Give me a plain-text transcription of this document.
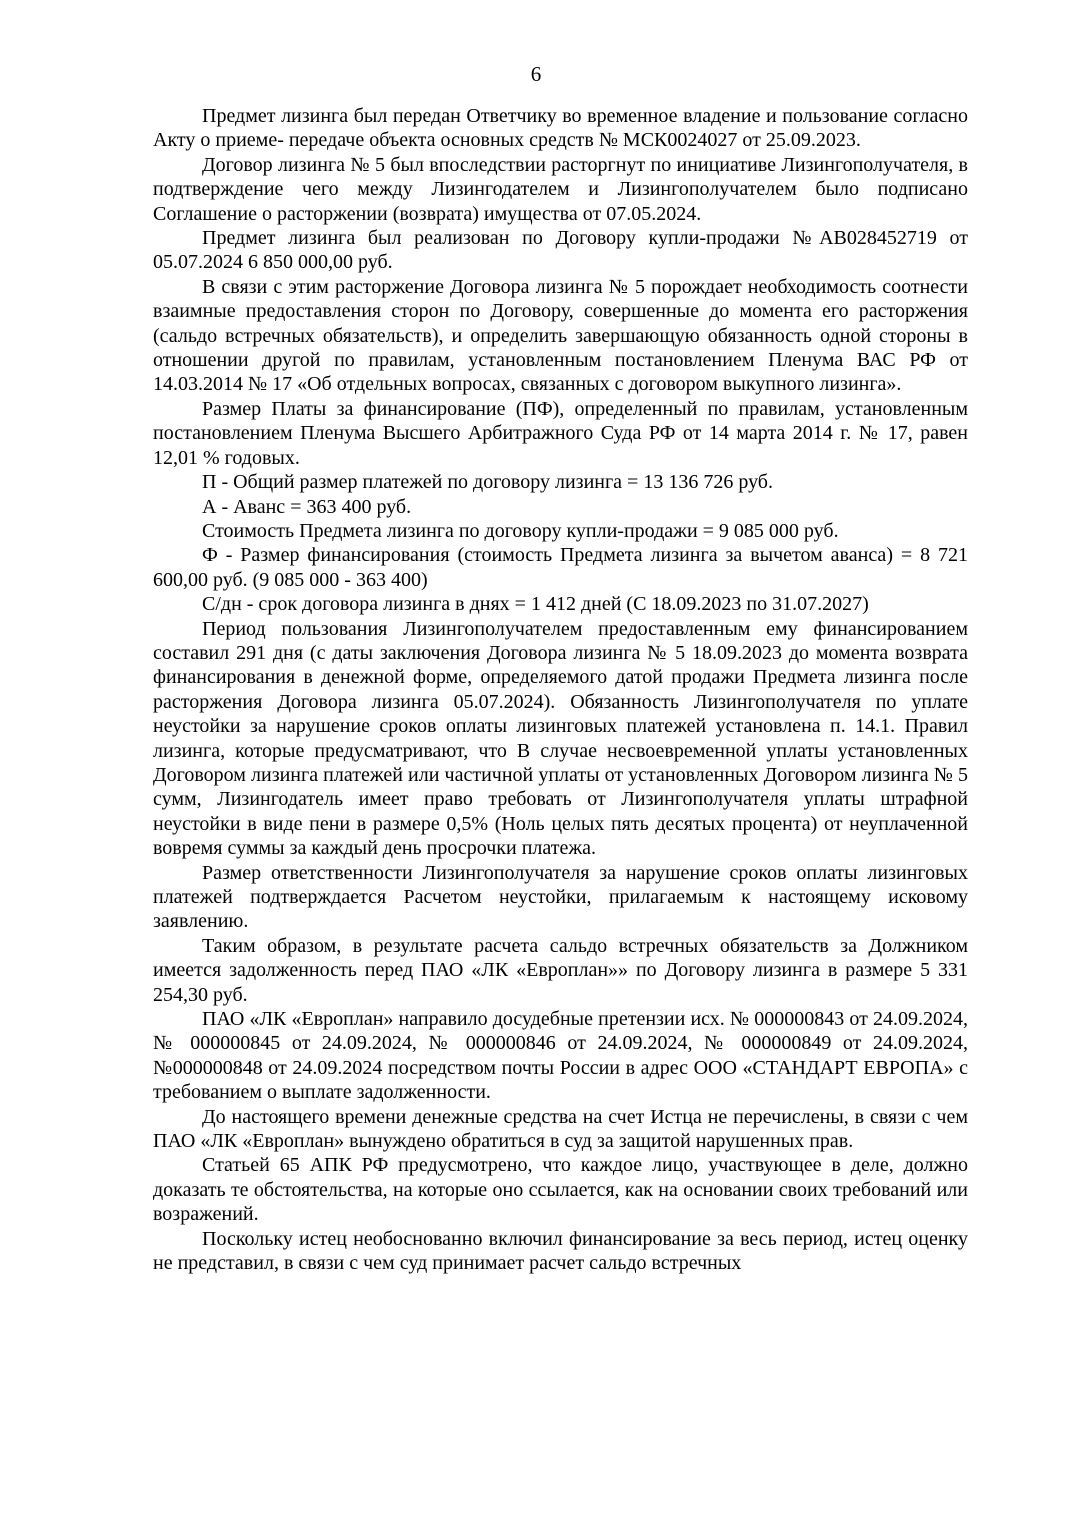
6

Предмет лизинга был передан Ответчику во временное владение и пользование согласно Акту о приеме- передаче объекта основных средств № МСК0024027 от 25.09.2023.

Договор лизинга № 5 был впоследствии расторгнут по инициативе Лизингополучателя, в подтверждение чего между Лизингодателем и Лизингополучателем было подписано Соглашение о расторжении (возврата) имущества от 07.05.2024.

Предмет лизинга был реализован по Договору купли-продажи №АВ028452719 от 05.07.2024 6 850 000,00 руб.

В связи с этим расторжение Договора лизинга № 5 порождает необходимость соотнести взаимные предоставления сторон по Договору, совершенные до момента его расторжения (сальдо встречных обязательств), и определить завершающую обязанность одной стороны в отношении другой по правилам, установленным постановлением Пленума ВАС РФ от 14.03.2014 № 17 «Об отдельных вопросах, связанных с договором выкупного лизинга».

Размер Платы за финансирование (ПФ), определенный по правилам, установленным постановлением Пленума Высшего Арбитражного Суда РФ от 14 марта 2014 г. № 17, равен 12,01 % годовых.

П - Общий размер платежей по договору лизинга = 13 136 726 руб.

А - Аванс = 363 400 руб.

Стоимость Предмета лизинга по договору купли-продажи = 9 085 000 руб.

Ф - Размер финансирования (стоимость Предмета лизинга за вычетом аванса) = 8 721 600,00 руб. (9 085 000 - 363 400)

С/дн - срок договора лизинга в днях = 1 412 дней (С 18.09.2023 по 31.07.2027)

Период пользования Лизингополучателем предоставленным ему финансированием составил 291 дня (с даты заключения Договора лизинга № 5 18.09.2023 до момента возврата финансирования в денежной форме, определяемого датой продажи Предмета лизинга после расторжения Договора лизинга 05.07.2024). Обязанность Лизингополучателя по уплате неустойки за нарушение сроков оплаты лизинговых платежей установлена п. 14.1. Правил лизинга, которые предусматривают, что В случае несвоевременной уплаты установленных Договором лизинга платежей или частичной уплаты от установленных Договором лизинга № 5 сумм, Лизингодатель имеет право требовать от Лизингополучателя уплаты штрафной неустойки в виде пени в размере 0,5% (Ноль целых пять десятых процента) от неуплаченной вовремя суммы за каждый день просрочки платежа.

Размер ответственности Лизингополучателя за нарушение сроков оплаты лизинговых платежей подтверждается Расчетом неустойки, прилагаемым к настоящему исковому заявлению.

Таким образом, в результате расчета сальдо встречных обязательств за Должником имеется задолженность перед ПАО «ЛК «Европлан»» по Договору лизинга в размере 5 331 254,30 руб.

ПАО «ЛК «Европлан» направило досудебные претензии исх. № 000000843 от 24.09.2024, № 000000845 от 24.09.2024, № 000000846 от 24.09.2024, № 000000849 от 24.09.2024, №000000848 от 24.09.2024 посредством почты России в адрес ООО «СТАНДАРТ ЕВРОПА» с требованием о выплате задолженности.

До настоящего времени денежные средства на счет Истца не перечислены, в связи с чем ПАО «ЛК «Европлан» вынуждено обратиться в суд за защитой нарушенных прав.

Статьей 65 АПК РФ предусмотрено, что каждое лицо, участвующее в деле, должно доказать те обстоятельства, на которые оно ссылается, как на основании своих требований или возражений.

Поскольку истец необоснованно включил финансирование за весь период, истец оценку не представил, в связи с чем суд принимает расчет сальдо встречных
